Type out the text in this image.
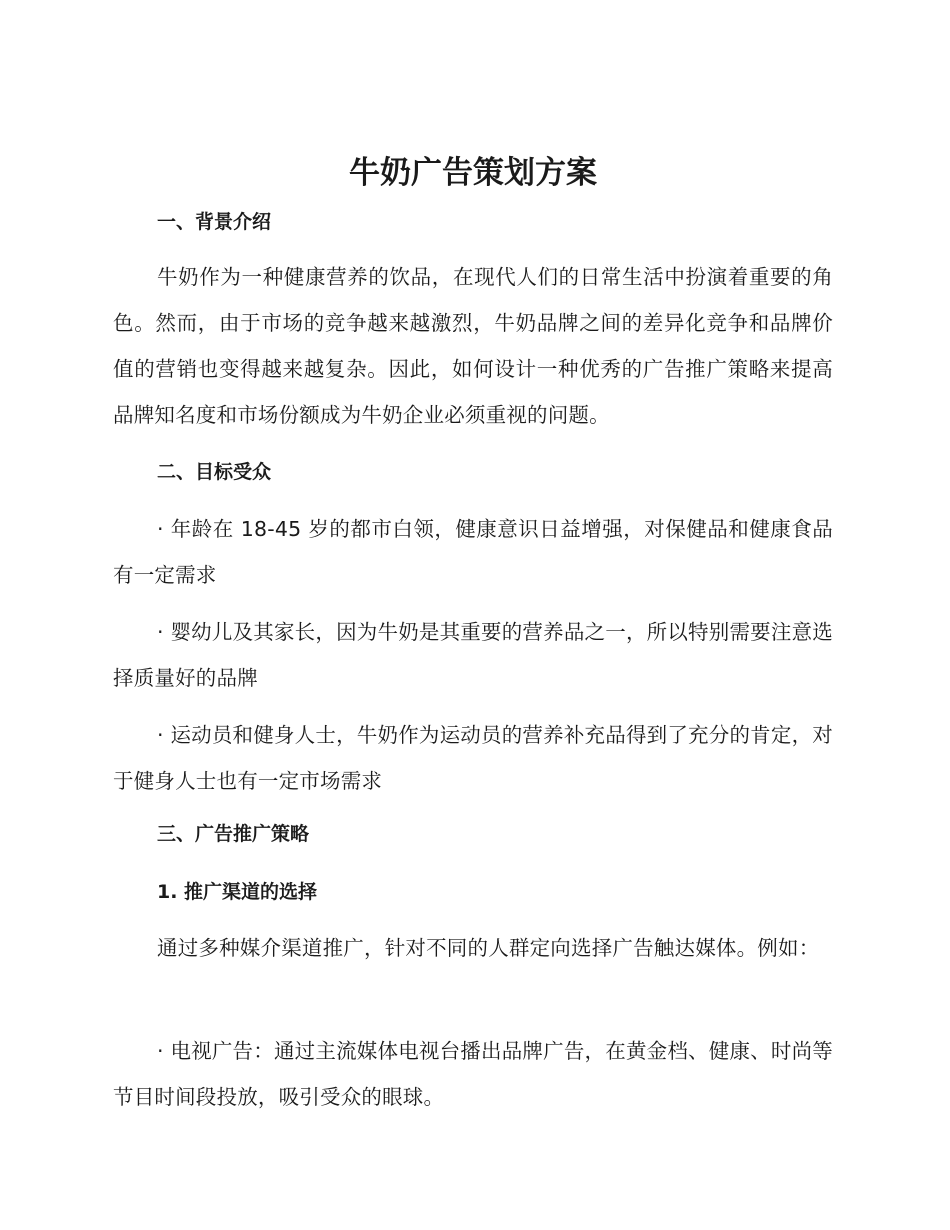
牛奶广告策划方案
一、背景介绍

牛奶作为一种健康营养的饮品，在现代人们的日常生活中扮演着重要的角色。然而，由于市场的竞争越来越激烈，牛奶品牌之间的差异化竞争和品牌价值的营销也变得越来越复杂。因此，如何设计一种优秀的广告推广策略来提高品牌知名度和市场份额成为牛奶企业必须重视的问题。

二、目标受众

· 年龄在 18-45 岁的都市白领，健康意识日益增强，对保健品和健康食品有一定需求

· 婴幼儿及其家长，因为牛奶是其重要的营养品之一，所以特别需要注意选择质量好的品牌

· 运动员和健身人士，牛奶作为运动员的营养补充品得到了充分的肯定，对于健身人士也有一定市场需求

三、广告推广策略
1. 推广渠道的选择

通过多种媒介渠道推广，针对不同的人群定向选择广告触达媒体。例如：

· 电视广告：通过主流媒体电视台播出品牌广告，在黄金档、健康、时尚等节目时间段投放，吸引受众的眼球。
